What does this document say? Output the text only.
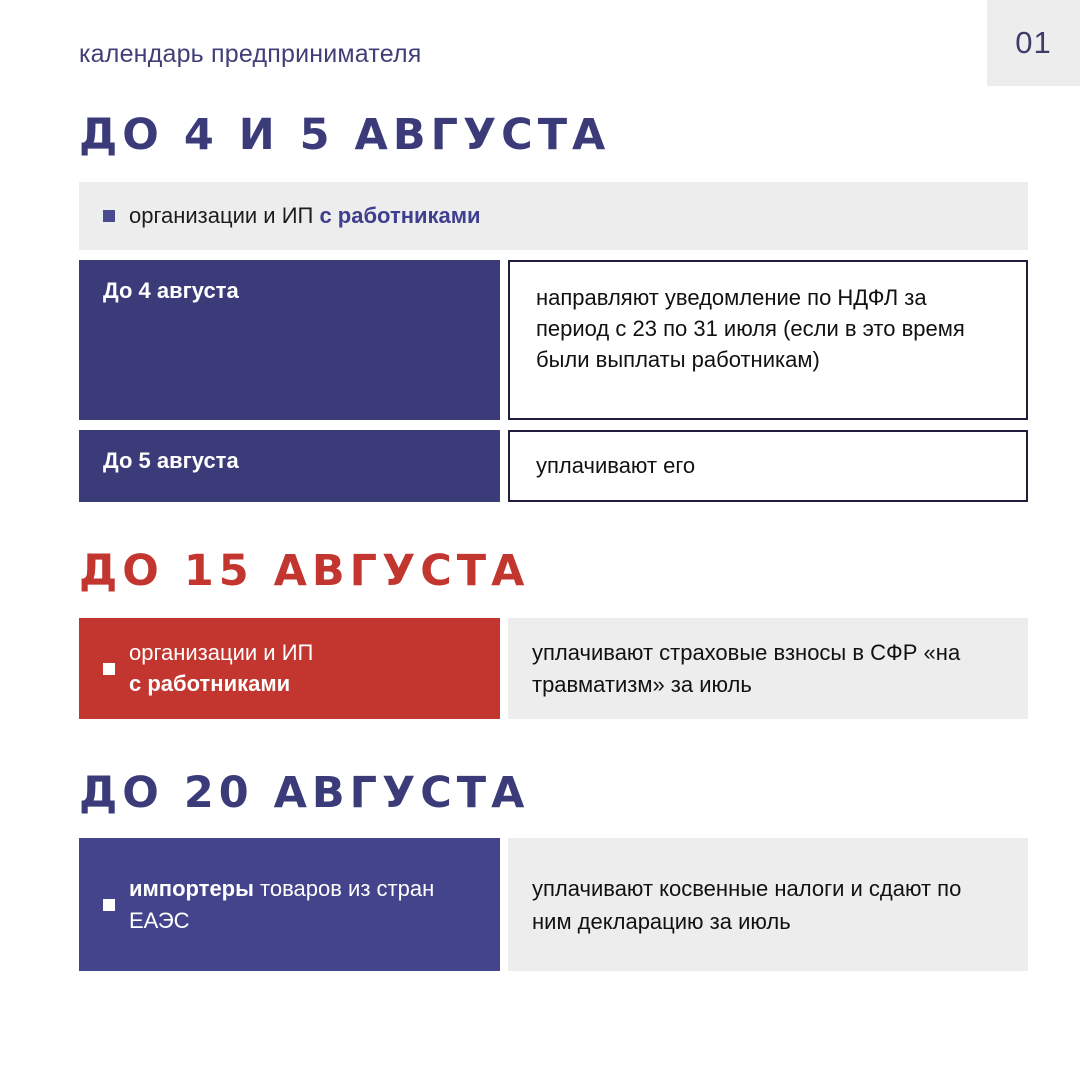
01
календарь предпринимателя
ДО 4 И 5 АВГУСТА
организации и ИП с работниками
До 4 августа	направляют уведомление по НДФЛ за период с 23 по 31 июля (если в это время были выплаты работникам)
До 5 августа	уплачивают его
ДО 15 АВГУСТА
организации и ИП
с работниками
уплачивают страховые взносы в СФР «на травматизм» за июль
ДО 20 АВГУСТА
импортеры товаров из стран ЕАЭС
уплачивают косвенные налоги и сдают по ним декларацию за июль
